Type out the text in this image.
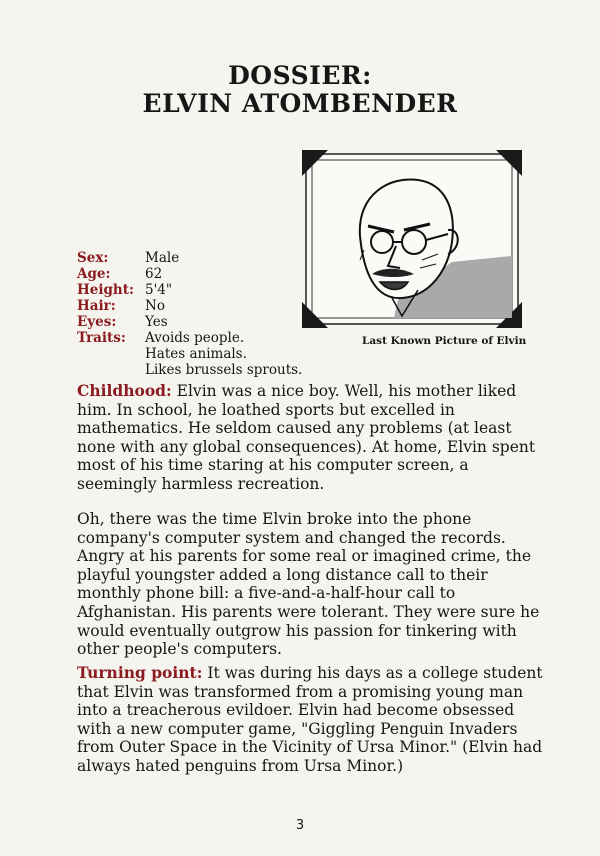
DOSSIER:
ELVIN ATOMBENDER
Sex:	Male
Age:	62
Height: 5'4"
Hair:	No
Eyes:	Yes
Traits:	Avoids people.
Hates animals.
Likes brussels sprouts.
Last Known Picture of Elvin
Childhood: Elvin was a nice boy. Well, his mother liked him. In school, he loathed sports but excelled in mathematics. He seldom caused any problems (at least none with any global consequences). At home, Elvin spent most of his time staring at his computer screen, a seemingly harmless recreation.
Oh, there was the time Elvin broke into the phone company's computer system and changed the records. Angry at his parents for some real or imagined crime, the playful youngster added a long distance call to their monthly phone bill: a five-and-a-half-hour call to Afghanistan. His parents were tolerant. They were sure he would eventually outgrow his passion for tinkering with other people's computers.
Turning point: It was during his days as a college student that Elvin was transformed from a promising young man into a treacherous evildoer. Elvin had become obsessed with a new computer game, "Giggling Penguin Invaders from Outer Space in the Vicinity of Ursa Minor." (Elvin had always hated penguins from Ursa Minor.)
3
